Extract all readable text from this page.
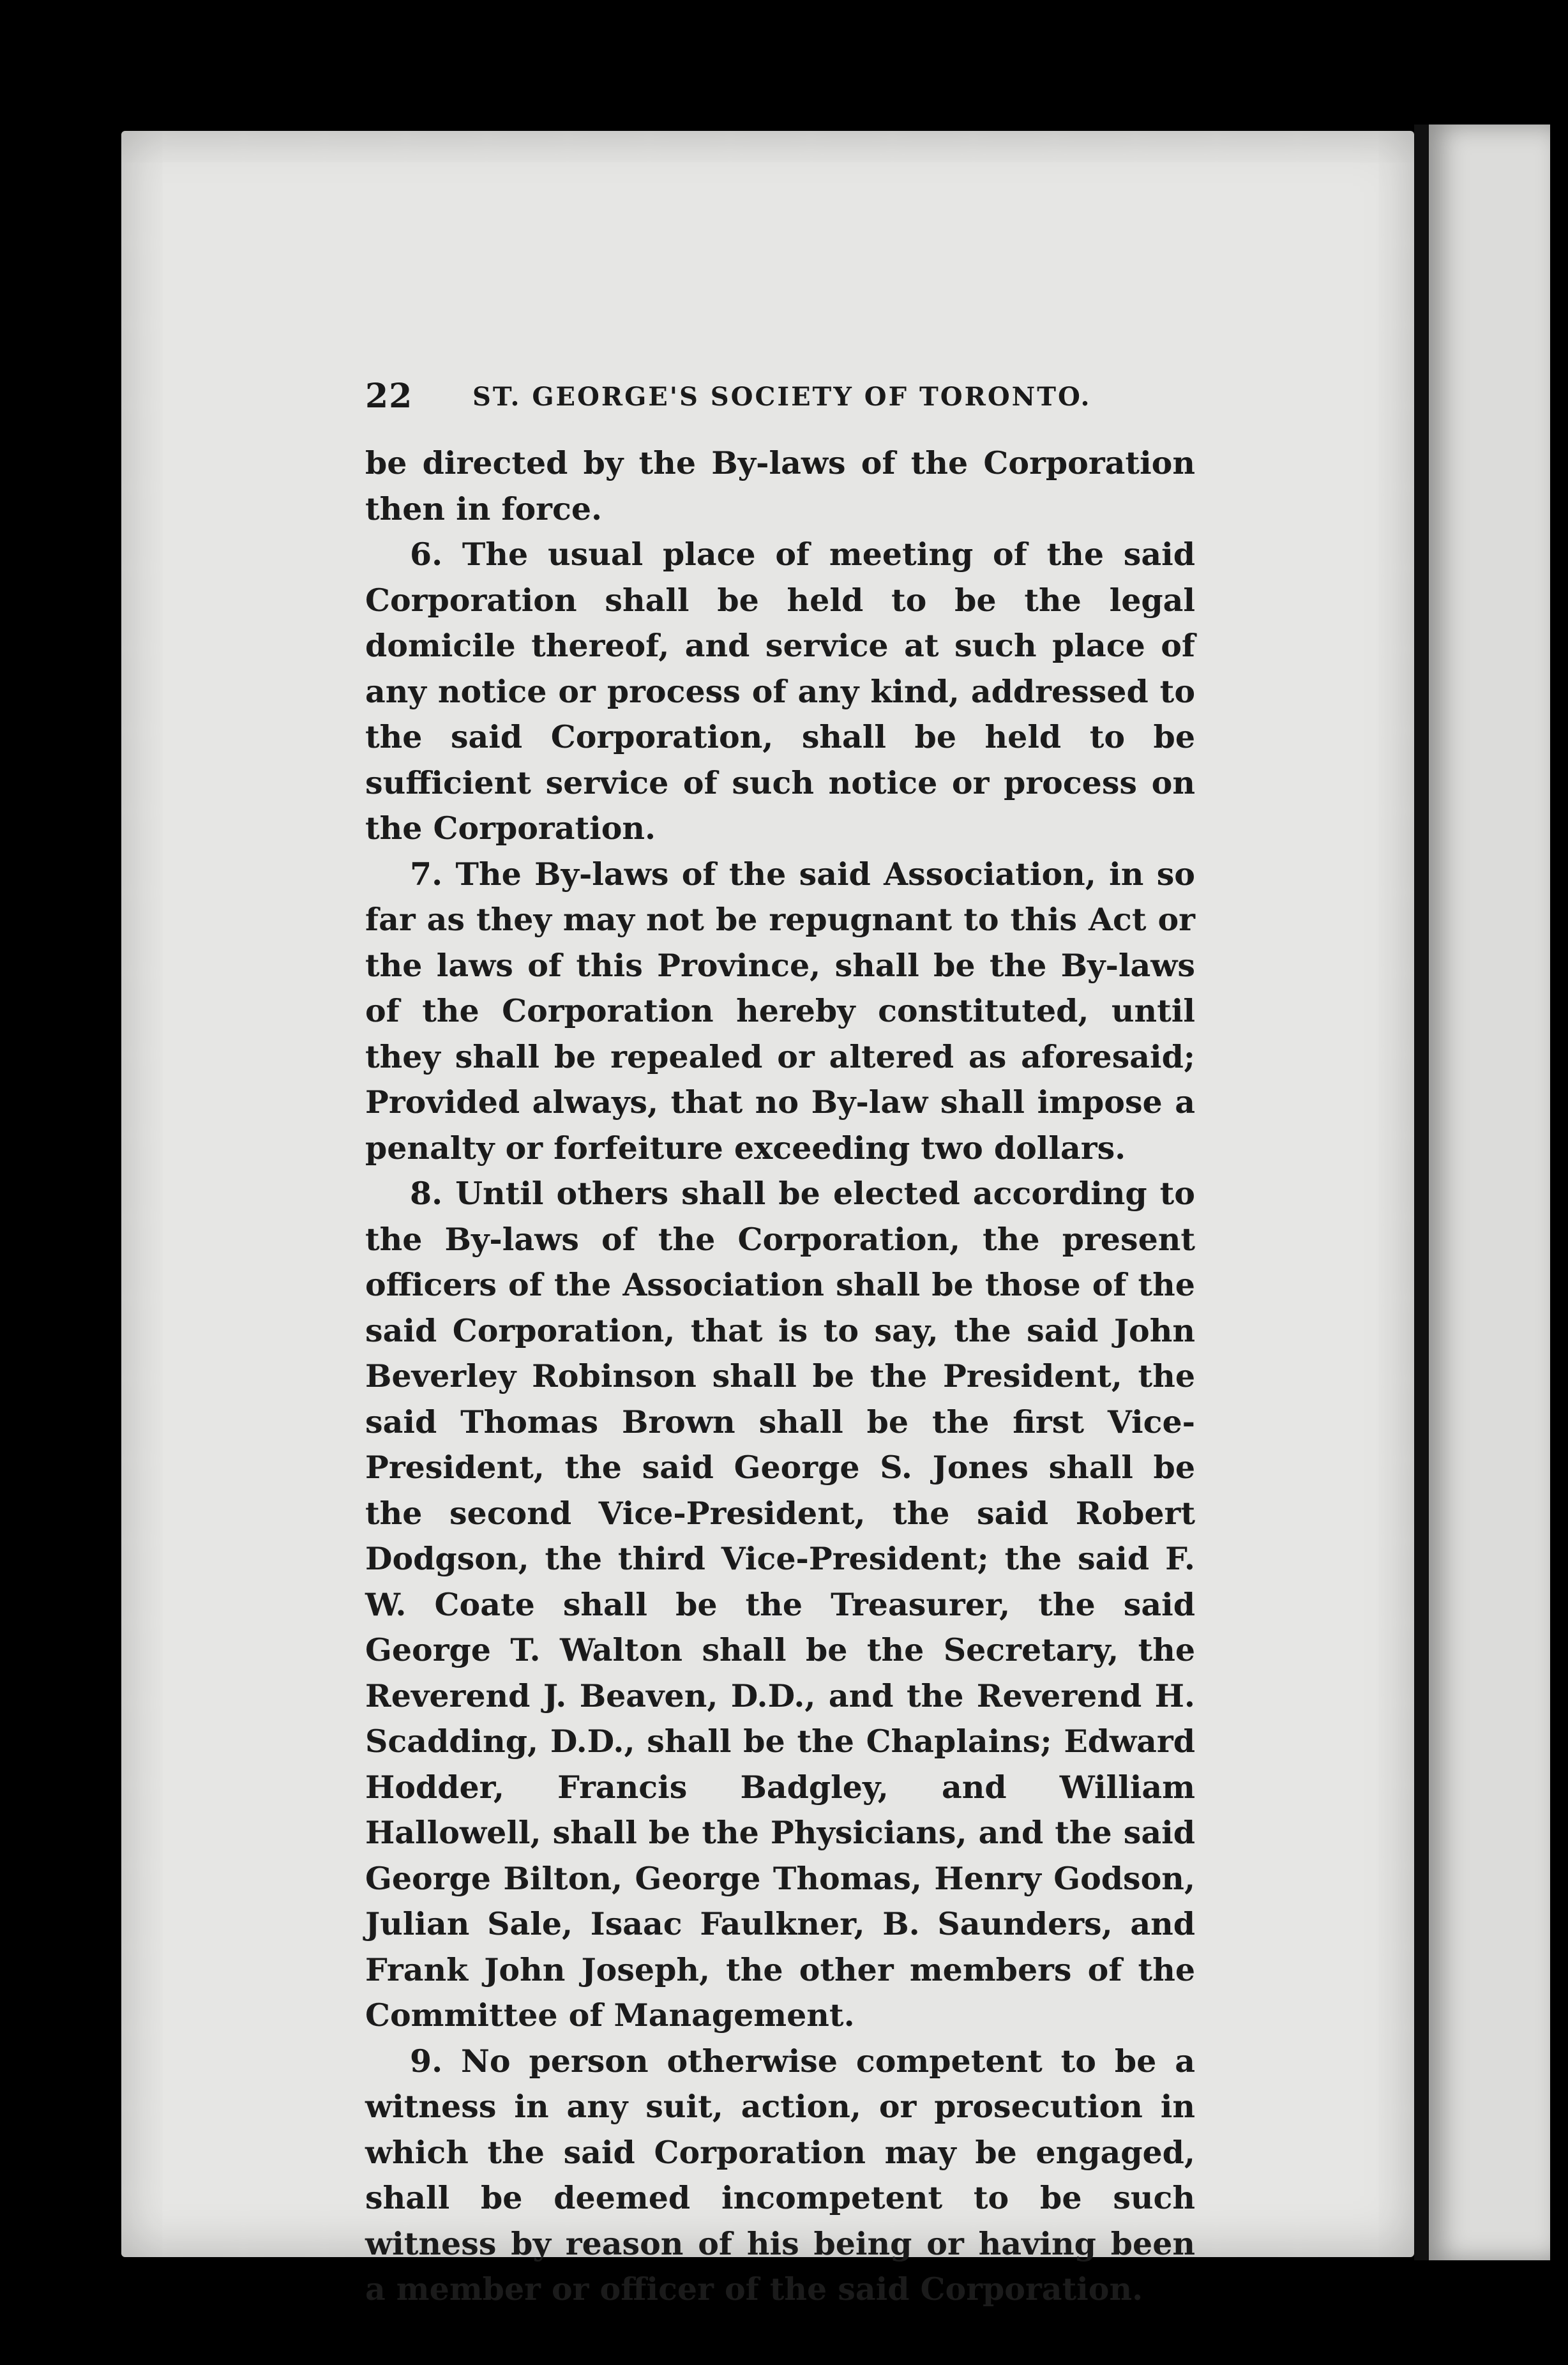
22 ST. GEORGE'S SOCIETY OF TORONTO.

be directed by the By-laws of the Corporation then in force.

6. The usual place of meeting of the said Corporation shall be held to be the legal domicile thereof, and service at such place of any notice or process of any kind, addressed to the said Corporation, shall be held to be sufficient service of such notice or process on the Corporation.

7. The By-laws of the said Association, in so far as they may not be repugnant to this Act or the laws of this Province, shall be the By-laws of the Corporation hereby constituted, until they shall be repealed or altered as aforesaid; Provided always, that no By-law shall impose a penalty or forfeiture exceeding two dollars.

8. Until others shall be elected according to the By-laws of the Corporation, the present officers of the Association shall be those of the said Corporation, that is to say, the said John Beverley Robinson shall be the President, the said Thomas Brown shall be the first Vice-President, the said George S. Jones shall be the second Vice-President, the said Robert Dodgson, the third Vice-President; the said F. W. Coate shall be the Treasurer, the said George T. Walton shall be the Secretary, the Reverend J. Beaven, D.D., and the Reverend H. Scadding, D.D., shall be the Chaplains; Edward Hodder, Francis Badgley, and William Hallowell, shall be the Physicians, and the said George Bilton, George Thomas, Henry Godson, Julian Sale, Isaac Faulkner, B. Saunders, and Frank John Joseph, the other members of the Committee of Management.

9. No person otherwise competent to be a witness in any suit, action, or prosecution in which the said Corporation may be engaged, shall be deemed incompetent to be such witness by reason of his being or having been a member or officer of the said Corporation.
